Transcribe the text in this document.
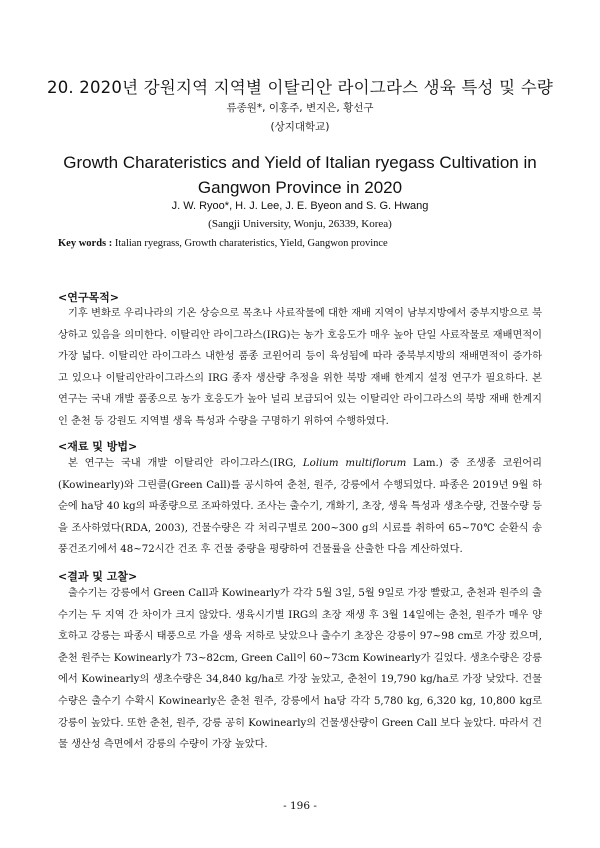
20. 2020년 강원지역 지역별 이탈리안 라이그라스 생육 특성 및 수량
류종원*, 이홍주, 변지은, 황선구
(상지대학교)
Growth Charateristics and Yield of Italian ryegass Cultivation in Gangwon Province in 2020
J. W. Ryoo*, H. J. Lee, J. E. Byeon and S. G. Hwang
(Sangji University, Wonju, 26339, Korea)
Key words : Italian ryegrass, Growth charateristics, Yield, Gangwon province
<연구목적>

기후 변화로 우리나라의 기온 상승으로 목초나 사료작물에 대한 재배 지역이 남부지방에서 중부지방으로 북상하고 있음을 의미한다. 이탈리안 라이그라스(IRG)는 농가 호응도가 매우 높아 단일 사료작물로 재배면적이 가장 넓다. 이탈리안 라이그라스 내한성 품종 코윈어리 등이 육성됨에 따라 중북부지방의 재배면적이 증가하고 있으나 이탈리안라이그라스의 IRG 종자 생산량 추정을 위한 북방 재배 한계지 설정 연구가 필요하다. 본 연구는 국내 개발 품종으로 농가 호응도가 높아 널리 보급되어 있는 이탈리안 라이그라스의 북방 재배 한계지인 춘천 등 강원도 지역별 생육 특성과 수량을 구명하기 위하여 수행하였다.

<재료 및 방법>

본 연구는 국내 개발 이탈리안 라이그라스(IRG, Lolium multiflorum Lam.) 중 조생종 코윈어리(Kowinearly)와 그린콜(Green Call)를 공시하여 춘천, 원주, 강릉에서 수행되었다. 파종은 2019년 9월 하순에 ha당 40 kg의 파종량으로 조파하였다. 조사는 출수기, 개화기, 초장, 생육 특성과 생초수량, 건물수량 등을 조사하였다(RDA, 2003), 건물수량은 각 처리구별로 200~300 g의 시료를 취하여 65~70℃ 순환식 송풍건조기에서 48~72시간 건조 후 건물 중량을 평량하여 건물률을 산출한 다음 계산하였다.

<결과 및 고찰>

출수기는 강릉에서 Green Call과 Kowinearly가 각각 5월 3일, 5월 9일로 가장 빨랐고, 춘천과 원주의 출수기는 두 지역 간 차이가 크지 않았다. 생육시기별 IRG의 초장 재생 후 3월 14일에는 춘천, 원주가 매우 양호하고 강릉는 파종시 태풍으로 가을 생육 저하로 낮았으나 출수기 초장은 강릉이 97~98 cm로 가장 컸으며, 춘천 원주는 Kowinearly가 73~82cm, Green Call이 60~73cm Kowinearly가 길었다. 생초수량은 강릉에서 Kowinearly의 생초수량은 34,840 kg/ha로 가장 높았고, 춘천이 19,790 kg/ha로 가장 낮았다. 건물수량은 출수기 수확시 Kowinearly은 춘천 원주, 강릉에서 ha당 각각 5,780 kg, 6,320 kg, 10,800 kg로 강릉이 높았다. 또한 춘천, 원주, 강릉 공히 Kowinearly의 건물생산량이 Green Call 보다 높았다. 따라서 건물 생산성 측면에서 강릉의 수량이 가장 높았다.

- 196 -
